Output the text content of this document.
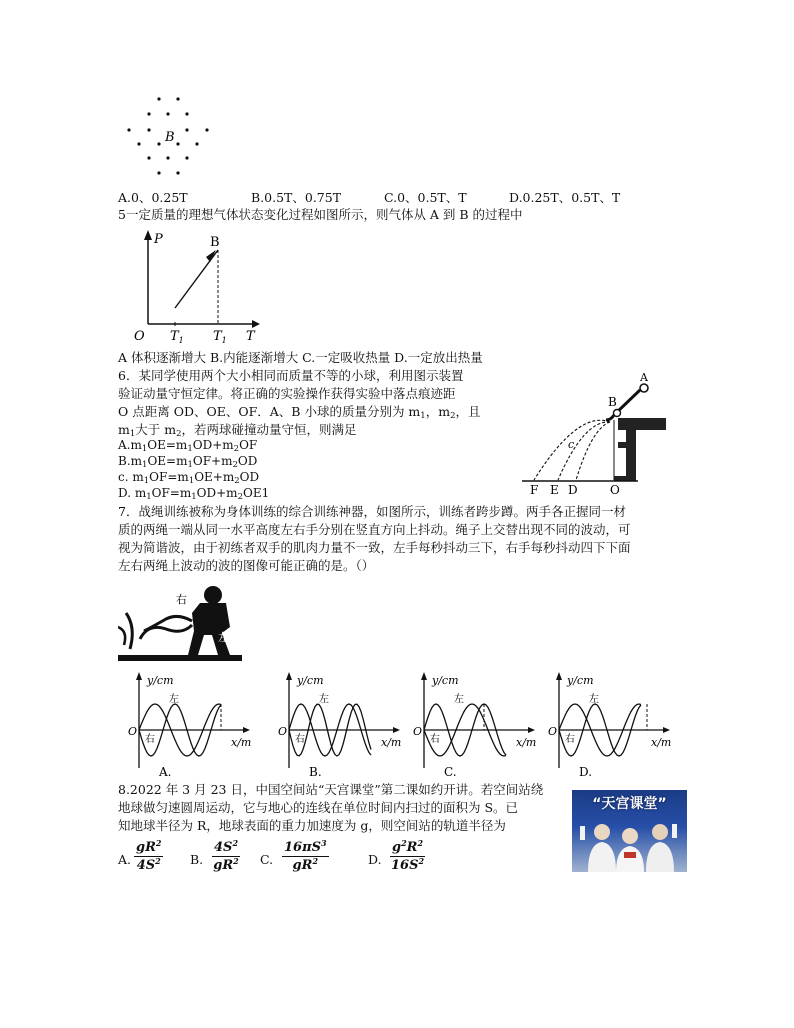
B
A.0、0.25T	B.0.5T、0.75T	C.0、0.5T、T	D.0.25T、0.5T、T
5一定质量的理想气体状态变化过程如图所示，则气体从 A 到 B 的过程中
P	B
O $T_1$ $T_1$ T
A 体积逐渐增大 B.内能逐渐增大 C.一定吸收热量 D.一定放出热量
6．某同学使用两个大小相同而质量不等的小球，利用图示装置
验证动量守恒定律。将正确的实验操作获得实验中落点痕迹距
O 点距离 OD、OE、OF．A、B 小球的质量分别为 $m_1$，$m_2$，且
$m_1$大于 $m_2$，若两球碰撞动量守恒，则满足
$A.m_1OE=m_1OD+m_2OF$
$B.m_1OE=m_1OF+m_2OD$
c. $m_1OF=m_1OE+m_2OD$
D. $m_1OF=m_1OD+m_2OE1$
A
B
c
F E D	O
7．战绳训练被称为身体训练的综合训练神器，如图所示，训练者跨步蹲。两手各正握同一材
质的两绳一端从同一水平高度左右手分别在竖直方向上抖动。绳子上交替出现不同的波动，可
视为简谐波，由于初练者双手的肌肉力量不一致，左手每秒抖动三下，右手每秒抖动四下下面
左右两绳上波动的波的图像可能正确的是。（）
右
左
y/cm
x/m
O
左
右
A.
y/cm
x/m
O
左
右
B.
y/cm
x/m
O
左
右
C.
y/cm
x/m
O
左
右
D.
8.2022 年 3 月 23 日，中国空间站“天宫课堂”第二课如约开讲。若空间站绕
地球做匀速圆周运动，它与地心的连线在单位时间内扫过的面积为 S。已
知地球半径为 R，地球表面的重力加速度为 g，则空间站的轨道半径为
“天宫课堂”
A. $\frac{gR^2}{4S^2} B$. $\frac{4S^2}{gR^2} C$. $\frac{16\pi S^3}{gR^2}$	D. $\frac{g^2R^2}{16S^2}$
